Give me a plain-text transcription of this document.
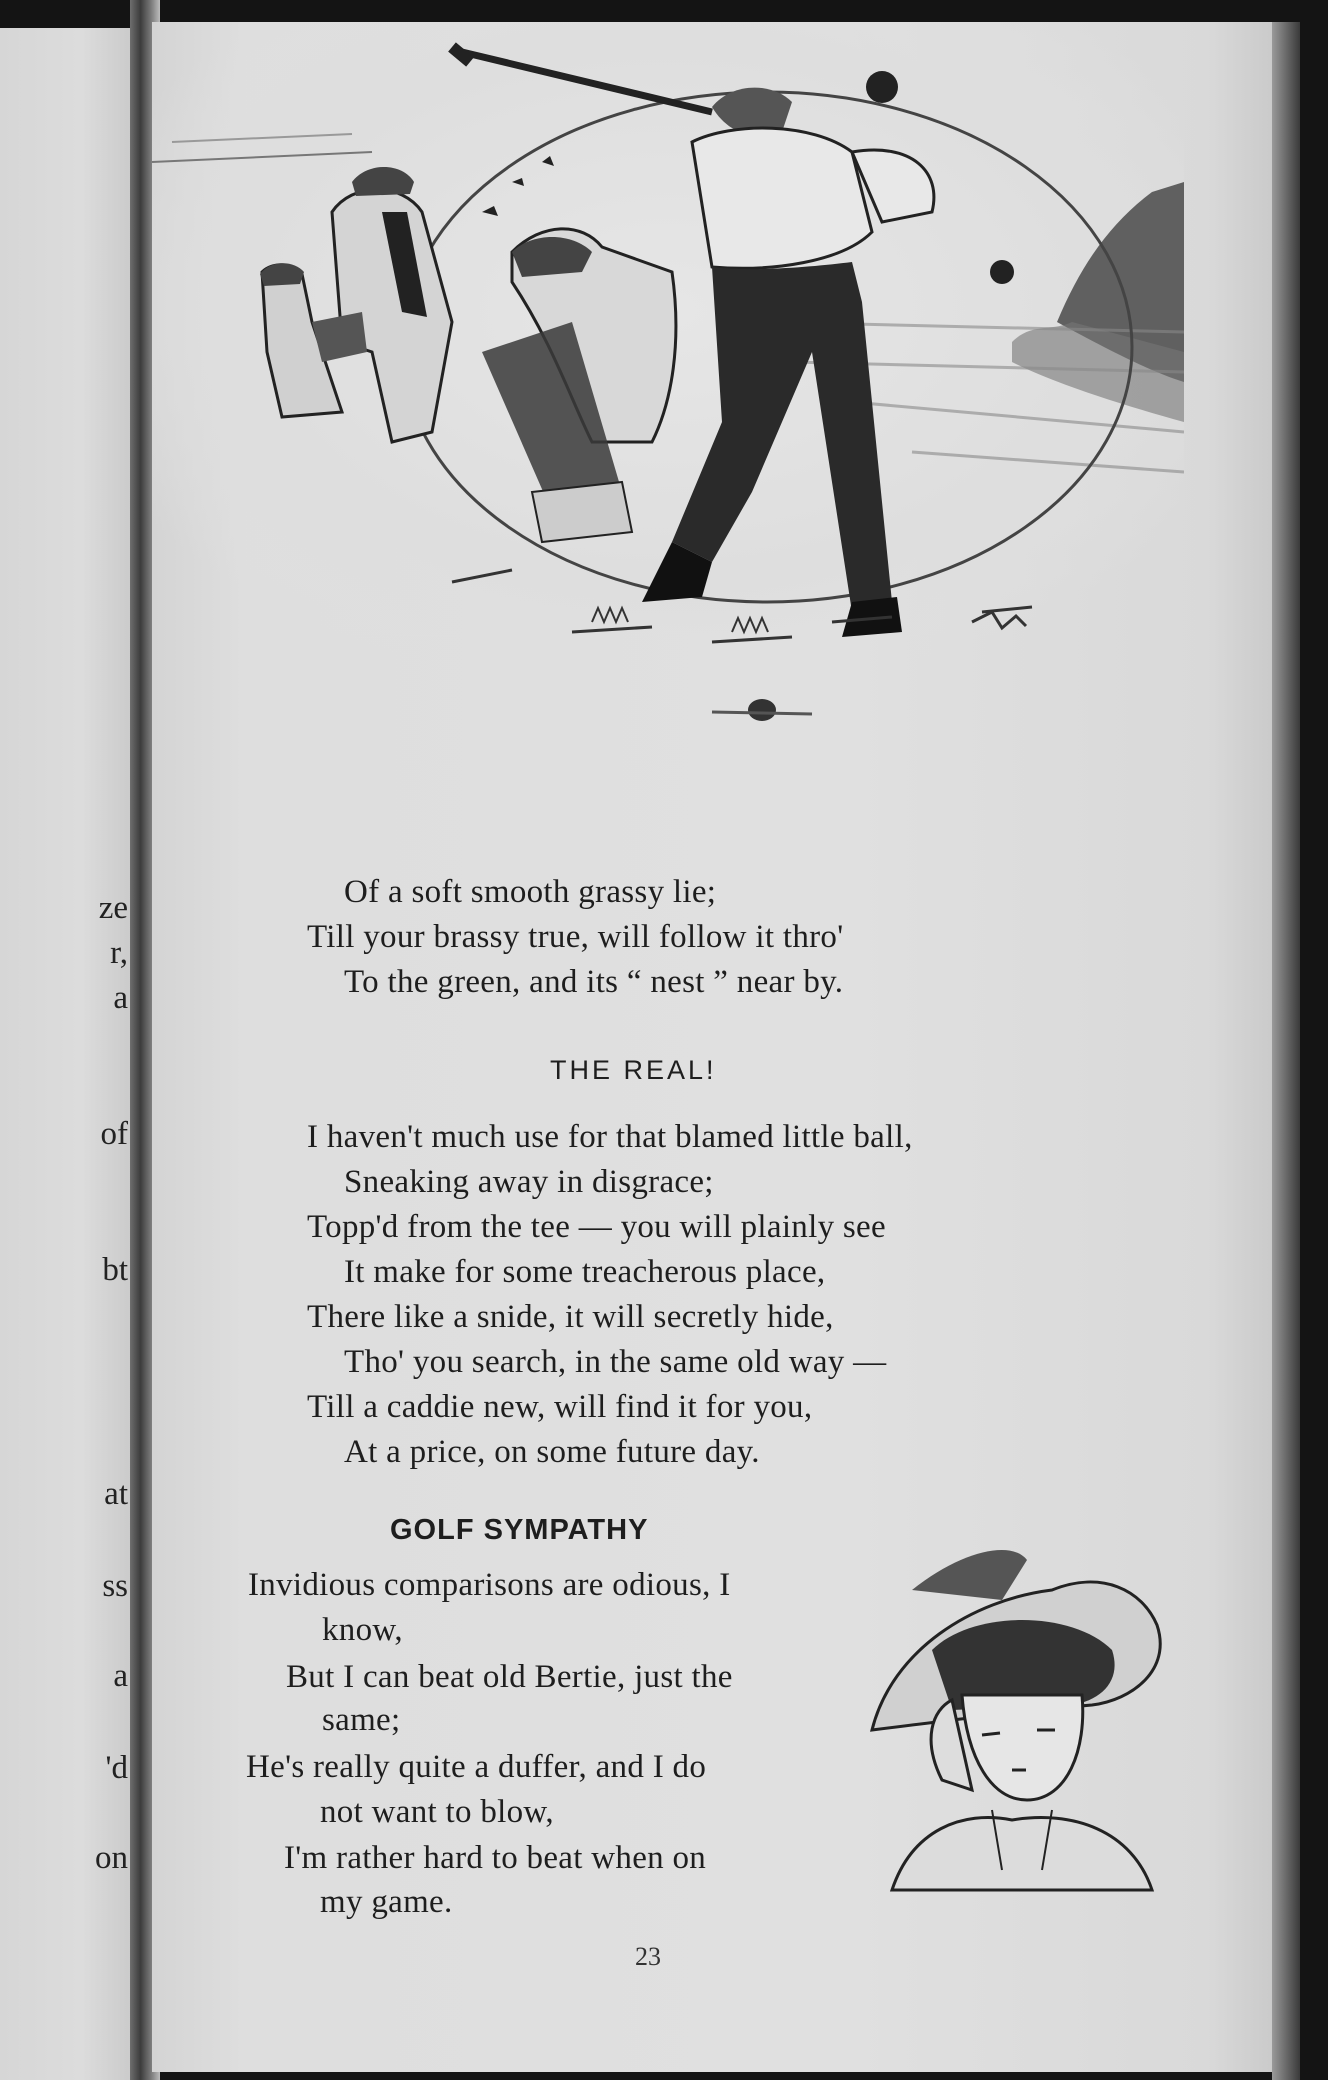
ze
r,
a
of
bt
at
ss
a
'd
on
Of a soft smooth grassy lie;
Till your brassy true, will follow it thro'
To the green, and its “ nest ” near by.
THE REAL!
I haven't much use for that blamed little ball,
Sneaking away in disgrace;
Topp'd from the tee — you will plainly see
It make for some treacherous place,
There like a snide, it will secretly hide,
Tho' you search, in the same old way —
Till a caddie new, will find it for you,
At a price, on some future day.
GOLF SYMPATHY
Invidious comparisons are odious, I
know,
But I can beat old Bertie, just the
same;
He's really quite a duffer, and I do
not want to blow,
I'm rather hard to beat when on
my game.
23
